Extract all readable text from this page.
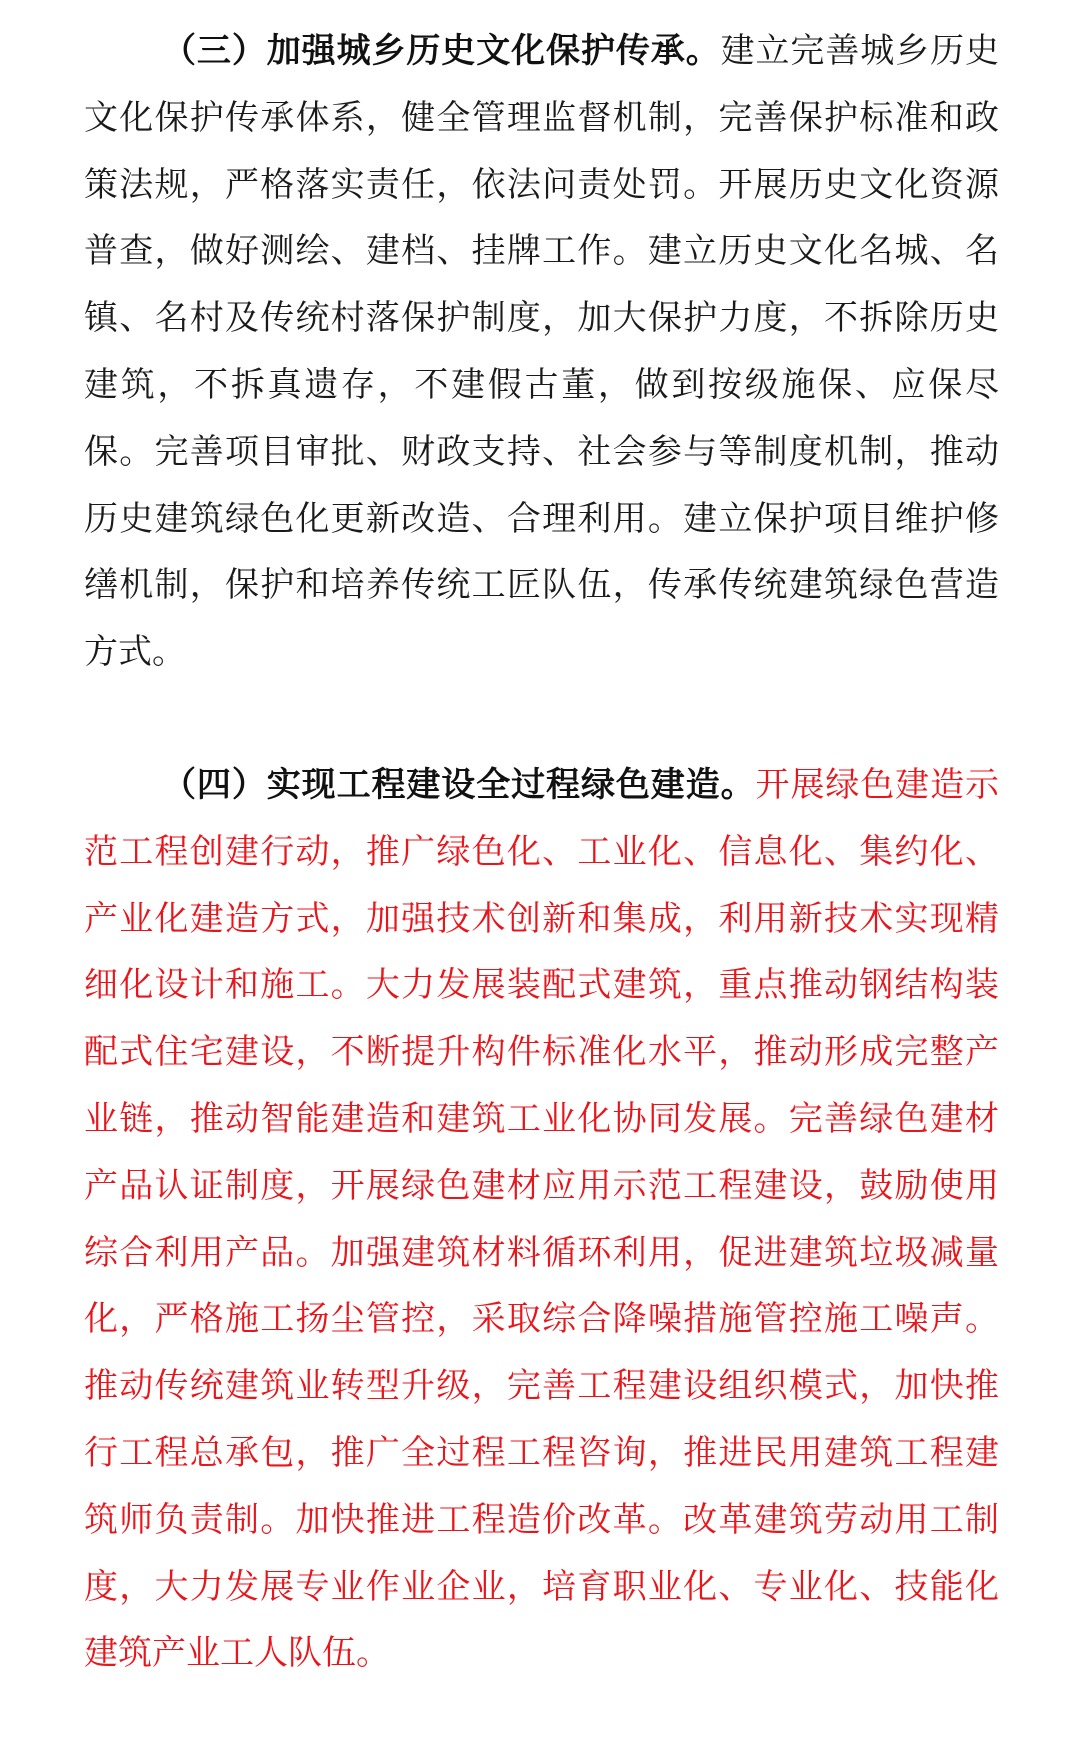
（三）加强城乡历史文化保护传承。建立完善城乡历史文化保护传承体系，健全管理监督机制，完善保护标准和政策法规，严格落实责任，依法问责处罚。开展历史文化资源普查，做好测绘、建档、挂牌工作。建立历史文化名城、名镇、名村及传统村落保护制度，加大保护力度，不拆除历史建筑，不拆真遗存，不建假古董，做到按级施保、应保尽保。完善项目审批、财政支持、社会参与等制度机制，推动历史建筑绿色化更新改造、合理利用。建立保护项目维护修缮机制，保护和培养传统工匠队伍，传承传统建筑绿色营造方式。

（四）实现工程建设全过程绿色建造。开展绿色建造示范工程创建行动，推广绿色化、工业化、信息化、集约化、产业化建造方式，加强技术创新和集成，利用新技术实现精细化设计和施工。大力发展装配式建筑，重点推动钢结构装配式住宅建设，不断提升构件标准化水平，推动形成完整产业链，推动智能建造和建筑工业化协同发展。完善绿色建材产品认证制度，开展绿色建材应用示范工程建设，鼓励使用综合利用产品。加强建筑材料循环利用，促进建筑垃圾减量化，严格施工扬尘管控，采取综合降噪措施管控施工噪声。推动传统建筑业转型升级，完善工程建设组织模式，加快推行工程总承包，推广全过程工程咨询，推进民用建筑工程建筑师负责制。加快推进工程造价改革。改革建筑劳动用工制度，大力发展专业作业企业，培育职业化、专业化、技能化建筑产业工人队伍。
